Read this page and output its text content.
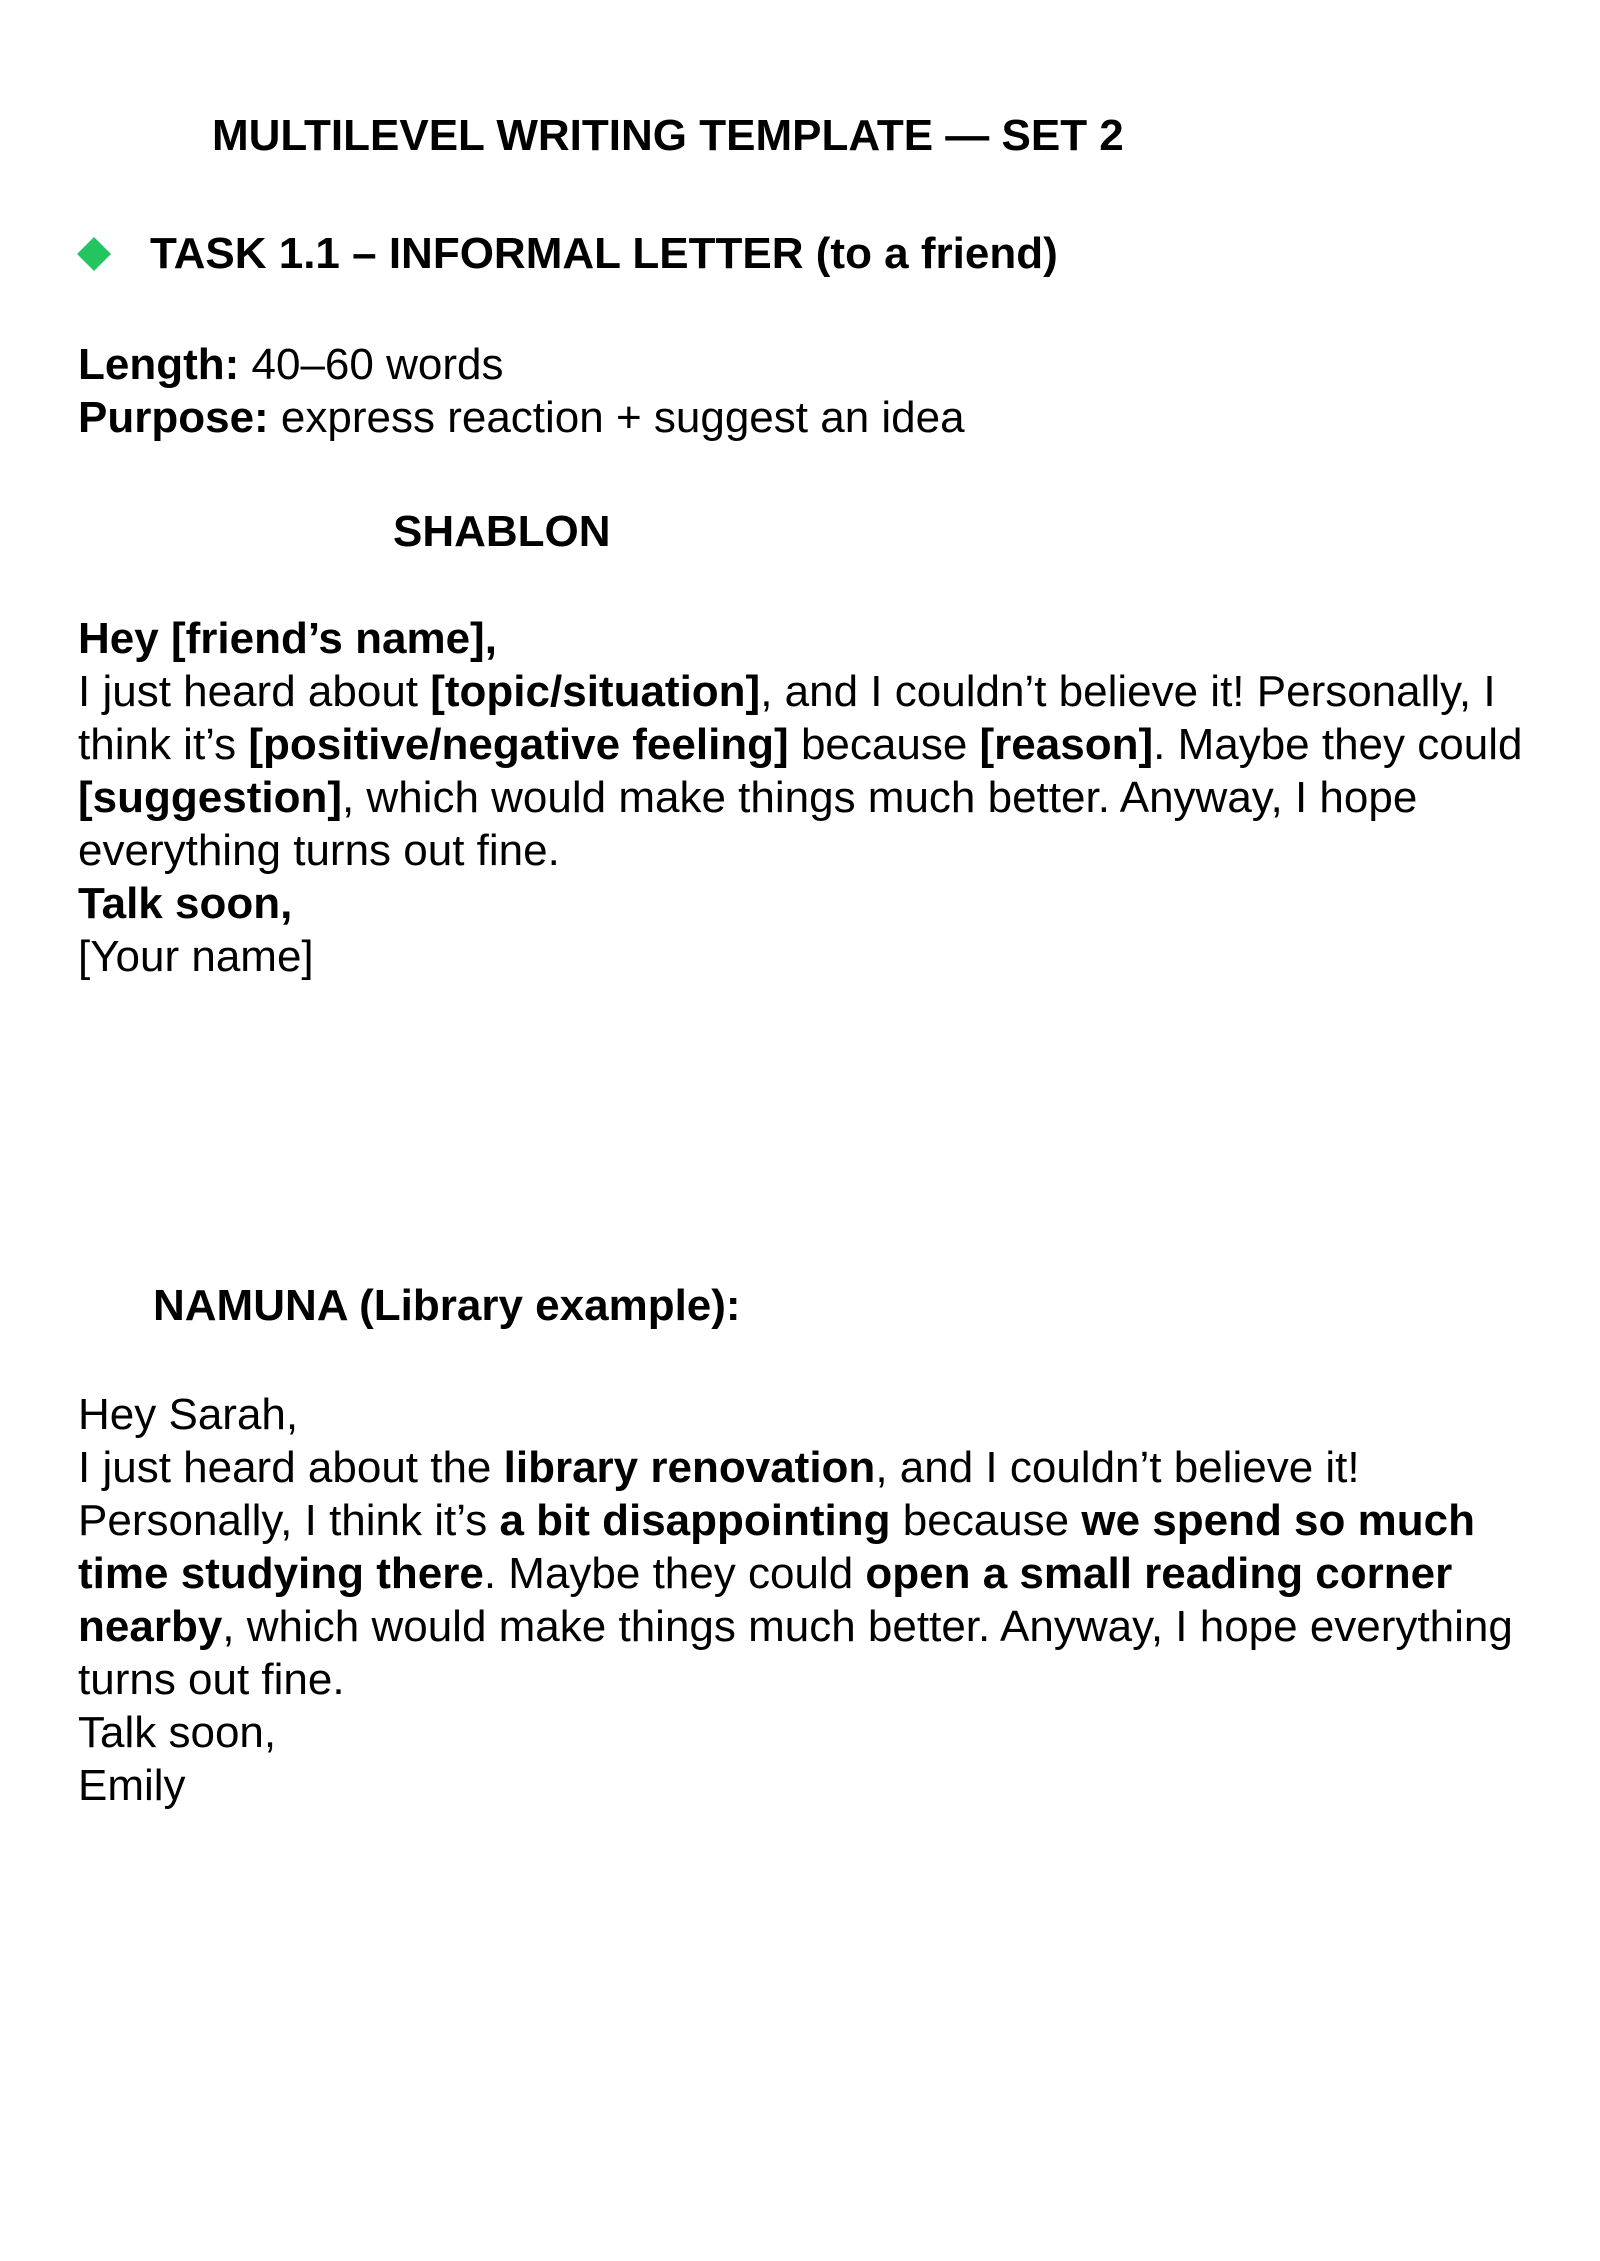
MULTILEVEL WRITING TEMPLATE — SET 2
TASK 1.1 – INFORMAL LETTER (to a friend)
Length: 40–60 words
Purpose: express reaction + suggest an idea
SHABLON

Hey [friend’s name],

I just heard about [topic/situation], and I couldn’t believe it! Personally, I think it’s [positive/negative feeling] because [reason]. Maybe they could [suggestion], which would make things much better. Anyway, I hope everything turns out fine.

Talk soon,

[Your name]

NAMUNA (Library example):

Hey Sarah,

I just heard about the library renovation, and I couldn’t believe it! Personally, I think it’s a bit disappointing because we spend so much time studying there. Maybe they could open a small reading corner nearby, which would make things much better. Anyway, I hope everything turns out fine.

Talk soon,

Emily
